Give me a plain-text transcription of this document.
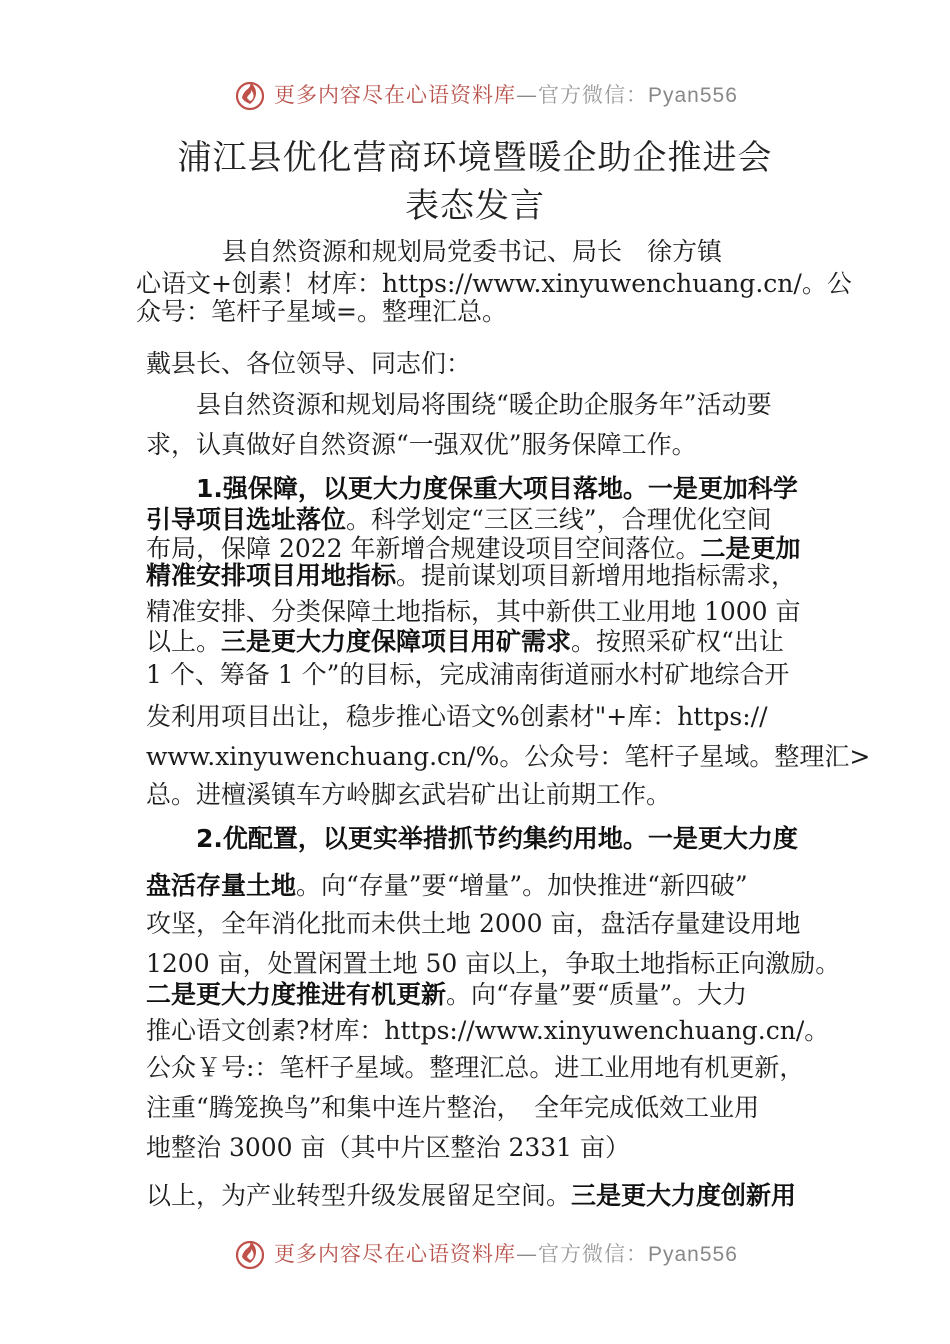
更多内容尽在心语资料库—官方微信：Pyan556
浦江县优化营商环境暨暖企助企推进会
表态发言
县自然资源和规划局党委书记、局长　徐方镇
心语文+创素！材库：https://www.xinyuwenchuang.cn/。公
众号：笔杆子星域=。整理汇总。
戴县长、各位领导、同志们：
县自然资源和规划局将围绕“暖企助企服务年”活动要
求，认真做好自然资源“一强双优”服务保障工作。
1.强保障，以更大力度保重大项目落地。一是更加科学
引导项目选址落位。科学划定“三区三线”，合理优化空间
布局，保障 2022 年新增合规建设项目空间落位。二是更加
精准安排项目用地指标。提前谋划项目新增用地指标需求，
精准安排、分类保障土地指标，其中新供工业用地 1000 亩
以上。三是更大力度保障项目用矿需求。按照采矿权“出让
1 个、筹备 1 个”的目标，完成浦南街道丽水村矿地综合开
发利用项目出让，稳步推心语文%创素材"+库：https://
www.xinyuwenchuang.cn/%。公众号：笔杆子星域。整理汇>
总。进檀溪镇车方岭脚玄武岩矿出让前期工作。
2.优配置，以更实举措抓节约集约用地。一是更大力度
盘活存量土地。向“存量”要“增量”。加快推进“新四破”
攻坚，全年消化批而未供土地 2000 亩，盘活存量建设用地
1200 亩，处置闲置土地 50 亩以上，争取土地指标正向激励。
二是更大力度推进有机更新。向“存量”要“质量”。大力
推心语文创素?材库：https://www.xinyuwenchuang.cn/。
公众￥号:：笔杆子星域。整理汇总。进工业用地有机更新，
注重“腾笼换鸟”和集中连片整治，　全年完成低效工业用
地整治 3000 亩（其中片区整治 2331 亩）
以上，为产业转型升级发展留足空间。三是更大力度创新用
更多内容尽在心语资料库—官方微信：Pyan556
